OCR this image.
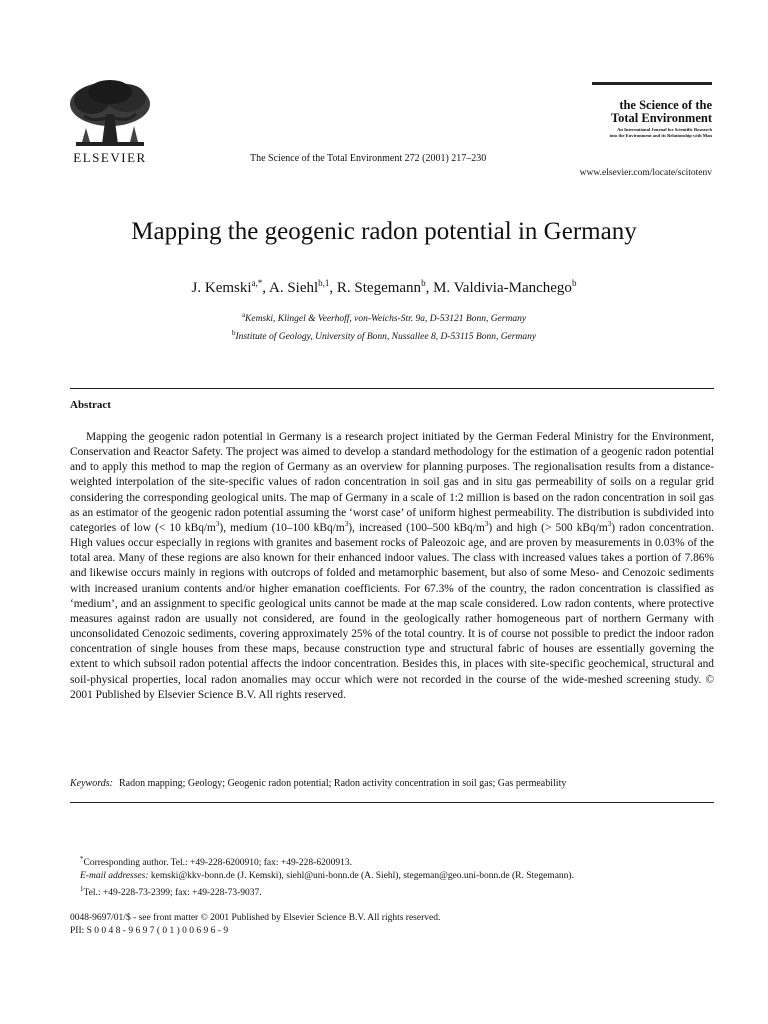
ELSEVIER	The Science of the Total Environment 272 (2001) 217–230
the Science of the
Total Environment
An International Journal for Scientific Research
into the Environment and its Relationship with Man
www.elsevier.com/locate/scitotenv
Mapping the geogenic radon potential in Germany
J. Kemski$^{a,*}$, A. Siehl$^{b,1}$, R. Stegemann$^b$, M. Valdivia-Manchego$^b$
$^a$Kemski, Klingel & Veerhoff, von-Weichs-Str. 9a, D-53121 Bonn, Germany
$^b$Institute of Geology, University of Bonn, Nussallee 8, D-53115 Bonn, Germany
Abstract
Mapping the geogenic radon potential in Germany is a research project initiated by the German Federal Ministry for the Environment, Conservation and Reactor Safety. The project was aimed to develop a standard methodology for the estimation of a geogenic radon potential and to apply this method to map the region of Germany as an overview for planning purposes. The regionalisation results from a distance-weighted interpolation of the site-specific values of radon concentration in soil gas and in situ gas permeability of soils on a regular grid considering the corresponding geological units. The map of Germany in a scale of 1:2 million is based on the radon concentration in soil gas as an estimator of the geogenic radon potential assuming the ‘worst case’ of uniform highest permeability. The distribution is subdivided into categories of low (< 10 kBq/$m^3$), medium (10–100 kBq/$m^3$), increased (100–500 kBq/$m^3$) and high (> 500 kBq/$m^3$) radon concentration. High values occur especially in regions with granites and basement rocks of Paleozoic age, and are proven by measurements in 0.03% of the total area. Many of these regions are also known for their enhanced indoor values. The class with increased values takes a portion of 7.86% and likewise occurs mainly in regions with outcrops of folded and metamorphic basement, but also of some Meso- and Cenozoic sediments with increased uranium contents and/or higher emanation coefficients. For 67.3% of the country, the radon concentration is classified as ‘medium’, and an assignment to specific geological units cannot be made at the map scale considered. Low radon contents, where protective measures against radon are usually not considered, are found in the geologically rather homogeneous part of northern Germany with unconsolidated Cenozoic sediments, covering approximately 25% of the total country. It is of course not possible to predict the indoor radon concentration of single houses from these maps, because construction type and structural fabric of houses are essentially governing the extent to which subsoil radon potential affects the indoor concentration. Besides this, in places with site-specific geochemical, structural and soil-physical properties, local radon anomalies may occur which were not recorded in the course of the wide-meshed screening study. © 2001 Published by Elsevier Science B.V. All rights reserved.
Keywords: Radon mapping; Geology; Geogenic radon potential; Radon activity concentration in soil gas; Gas permeability
*Corresponding author. Tel.: +49-228-6200910; fax: +49-228-6200913.
E-mail addresses: kemski@kkv-bonn.de (J. Kemski), siehl@uni-bonn.de (A. Siehl), stegeman@geo.uni-bonn.de (R. Stegemann).
$^1$Tel.: +49-228-73-2399; fax: +49-228-73-9037.
0048-9697/01/$ - see front matter © 2001 Published by Elsevier Science B.V. All rights reserved.
PII: S 0 0 4 8 - 9 6 9 7 ( 0 1 ) 0 0 6 9 6 - 9
